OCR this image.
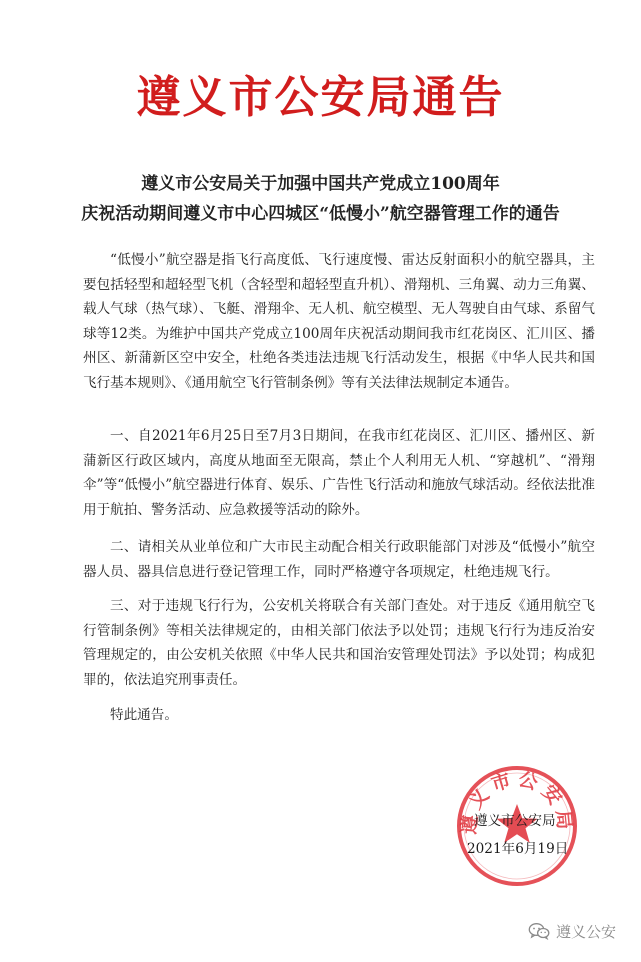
遵义市公安局通告
遵义市公安局关于加强中国共产党成立100周年
庆祝活动期间遵义市中心四城区“低慢小”航空器管理工作的通告

“低慢小”航空器是指飞行高度低、飞行速度慢、雷达反射面积小的航空器具，主要包括轻型和超轻型飞机（含轻型和超轻型直升机）、滑翔机、三角翼、动力三角翼、载人气球（热气球）、飞艇、滑翔伞、无人机、航空模型、无人驾驶自由气球、系留气球等12类。为维护中国共产党成立100周年庆祝活动期间我市红花岗区、汇川区、播州区、新蒲新区空中安全，杜绝各类违法违规飞行活动发生，根据《中华人民共和国飞行基本规则》、《通用航空飞行管制条例》等有关法律法规制定本通告。

一、自2021年6月25日至7月3日期间，在我市红花岗区、汇川区、播州区、新蒲新区行政区域内，高度从地面至无限高，禁止个人利用无人机、“穿越机”、“滑翔伞”等“低慢小”航空器进行体育、娱乐、广告性飞行活动和施放气球活动。经依法批准用于航拍、警务活动、应急救援等活动的除外。

二、请相关从业单位和广大市民主动配合相关行政职能部门对涉及“低慢小”航空器人员、器具信息进行登记管理工作，同时严格遵守各项规定，杜绝违规飞行。

三、对于违规飞行行为，公安机关将联合有关部门查处。对于违反《通用航空飞行管制条例》等相关法律规定的，由相关部门依法予以处罚；违规飞行行为违反治安管理规定的，由公安机关依照《中华人民共和国治安管理处罚法》予以处罚；构成犯罪的，依法追究刑事责任。

特此通告。

遵义市公安局
遵义市公安局
2021年6月19日
遵义公安
